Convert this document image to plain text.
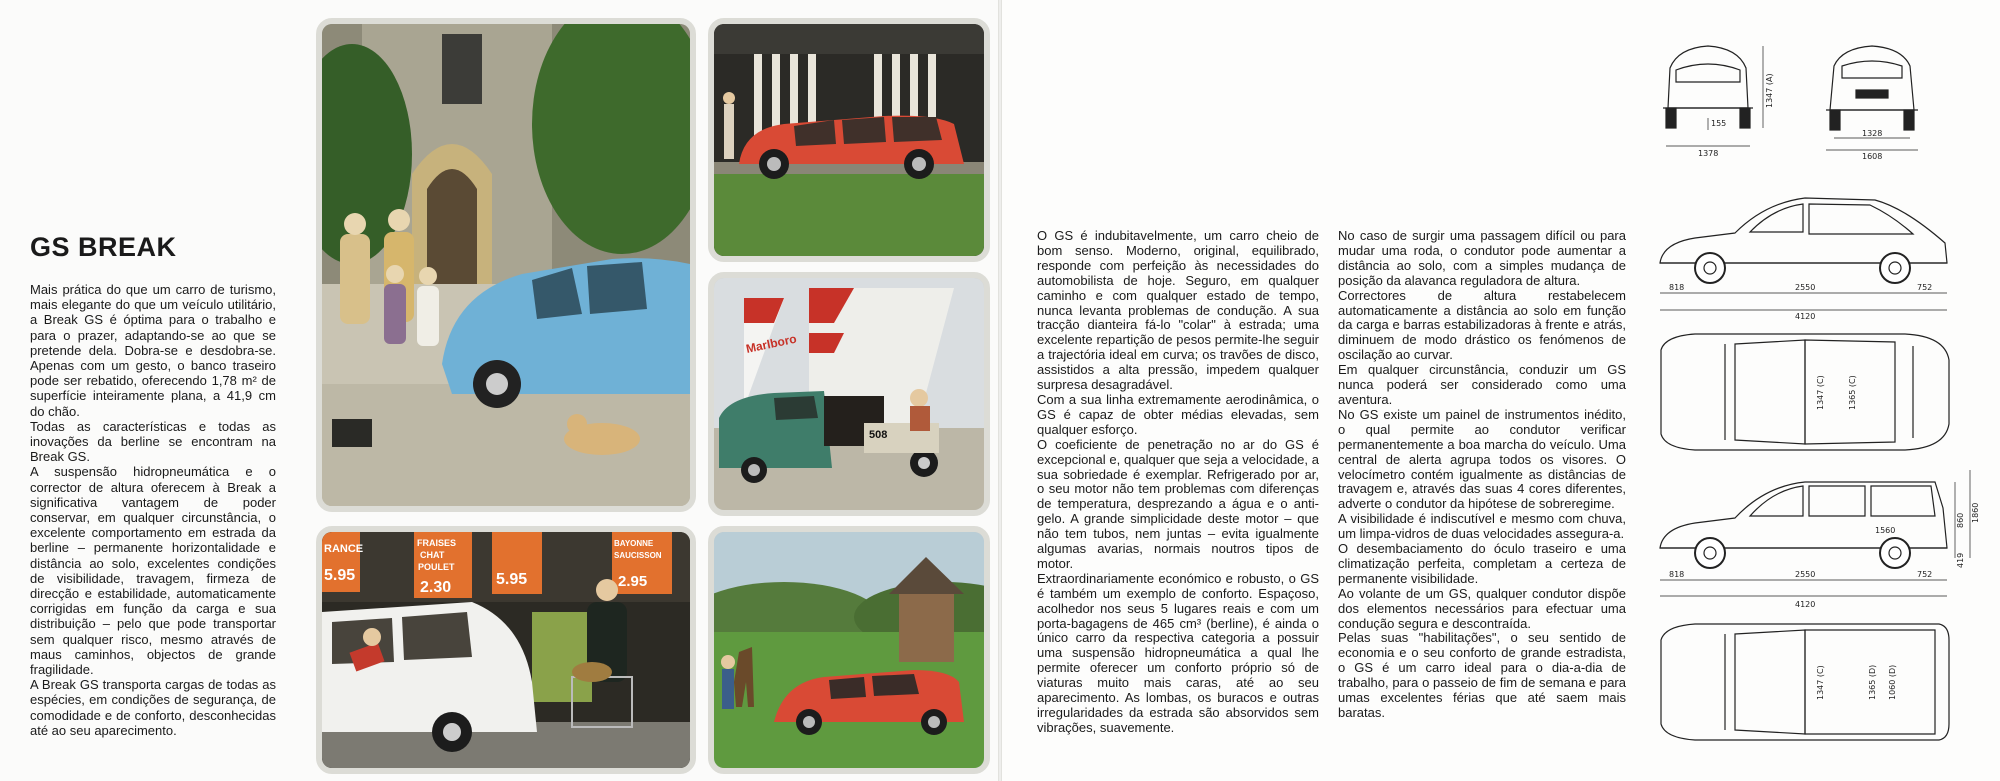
GS BREAK

Mais prática do que um carro de turismo, mais elegante do que um veículo utilitário, a Break GS é óptima para o trabalho e para o prazer, adaptando-se ao que se pretende dela. Dobra-se e desdobra-se. Apenas com um gesto, o banco traseiro pode ser rebatido, oferecendo 1,78 m² de superfície inteiramente plana, a 41,9 cm do chão.

Todas as características e todas as inovações da berline se encontram na Break GS.

A suspensão hidropneumática e o corrector de altura oferecem à Break a significativa vantagem de poder conservar, em qualquer circunstância, o excelente comportamento em estrada da berline – permanente horizontalidade e distância ao solo, excelentes condições de visibilidade, travagem, firmeza de direcção e estabilidade, automaticamente corrigidas em função da carga e sua distribuição – pelo que pode transportar sem qualquer risco, mesmo através de maus caminhos, objectos de grande fragilidade.

A Break GS transporta cargas de todas as espécies, em condições de segurança, de comodidade e de conforto, desconhecidas até ao seu aparecimento.

Marlboro
508
RANCE
5.95
FRAISES
CHAT
POULET
2.30	5.95
BAYONNE
SAUCISSON
2.95

O GS é indubitavelmente, um carro cheio de bom senso. Moderno, original, equilibrado, responde com perfeição às necessidades do automobilista de hoje. Seguro, em qualquer caminho e com qualquer estado de tempo, nunca levanta problemas de condução. A sua tracção dianteira fá-lo "colar" à estrada; uma excelente repartição de pesos permite-lhe seguir a trajectória ideal em curva; os travões de disco, assistidos a alta pressão, impedem qualquer surpresa desagradável.

Com a sua linha extremamente aerodinâmica, o GS é capaz de obter médias elevadas, sem qualquer esforço.

O coeficiente de penetração no ar do GS é excepcional e, qualquer que seja a velocidade, a sua sobriedade é exemplar. Refrigerado por ar, o seu motor não tem problemas com diferenças de temperatura, desprezando a água e o anti-gelo. A grande simplicidade deste motor – que não tem tubos, nem juntas – evita igualmente algumas avarias, normais noutros tipos de motor.

Extraordinariamente económico e robusto, o GS é também um exemplo de conforto. Espaçoso, acolhedor nos seus 5 lugares reais e com um porta-bagagens de 465 cm³ (berline), é ainda o único carro da respectiva categoria a possuir uma suspensão hidropneumática a qual lhe permite oferecer um conforto próprio só de viaturas muito mais caras, até ao seu aparecimento. As lombas, os buracos e outras irregularidades da estrada são absorvidos sem vibrações, suavemente.

No caso de surgir uma passagem difícil ou para mudar uma roda, o condutor pode aumentar a distância ao solo, com a simples mudança de posição da alavanca reguladora de altura.

Correctores de altura restabelecem automaticamente a distância ao solo em função da carga e barras estabilizadoras à frente e atrás, diminuem de modo drástico os fenómenos de oscilação ao curvar.

Em qualquer circunstância, conduzir um GS nunca poderá ser considerado como uma aventura.

No GS existe um painel de instrumentos inédito, o qual permite ao condutor verificar permanentemente a boa marcha do veículo. Uma central de alerta agrupa todos os visores. O velocímetro contém igualmente as distâncias de travagem e, através das suas 4 cores diferentes, adverte o condutor da hipótese de sobreregime.

A visibilidade é indiscutível e mesmo com chuva, um limpa-vidros de duas velocidades assegura-a.

O desembaciamento do óculo traseiro e uma climatização perfeita, completam a certeza de permanente visibilidade.

Ao volante de um GS, qualquer condutor dispõe dos elementos necessários para efectuar uma condução segura e descontraída.

Pelas suas "habilitações", o seu sentido de economia e o seu conforto de grande estradista, o GS é um carro ideal para o dia-a-dia de trabalho, para o passeio de fim de semana e para umas excelentes férias que até saem mais baratas.

155
1378
1347 (A)
1328
1608
818	2550	752
4120
1347 (C)	1365 (C)
1560
860 1860
419
818	2550	752
4120
1347 (C)	1365 (D) 1060 (D)
